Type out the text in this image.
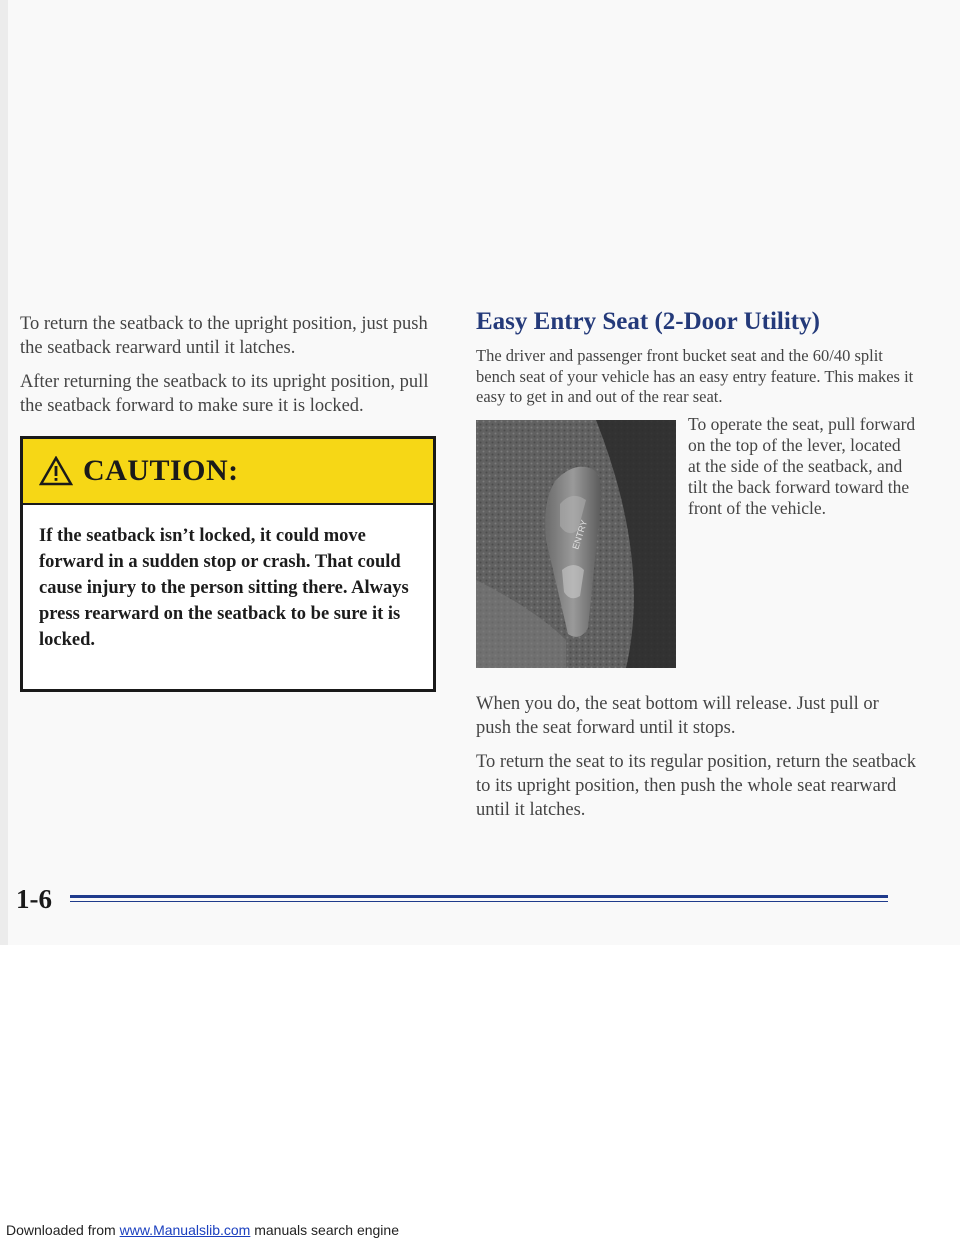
To return the seatback to the upright position, just push the seatback rearward until it latches.

After returning the seatback to its upright position, pull the seatback forward to make sure it is locked.

CAUTION:
If the seatback isn’t locked, it could move forward in a sudden stop or crash. That could cause injury to the person sitting there. Always press rearward on the seatback to be sure it is locked.
Easy Entry Seat (2-Door Utility)

The driver and passenger front bucket seat and the 60/40 split bench seat of your vehicle has an easy entry feature. This makes it easy to get in and out of the rear seat.

ENTRY
To operate the seat, pull forward on the top of the lever, located at the side of the seatback, and tilt the back forward toward the front of the vehicle.

When you do, the seat bottom will release. Just pull or push the seat forward until it stops.

To return the seat to its regular position, return the seatback to its upright position, then push the whole seat rearward until it latches.

1-6
Downloaded from www.Manualslib.com manuals search engine
